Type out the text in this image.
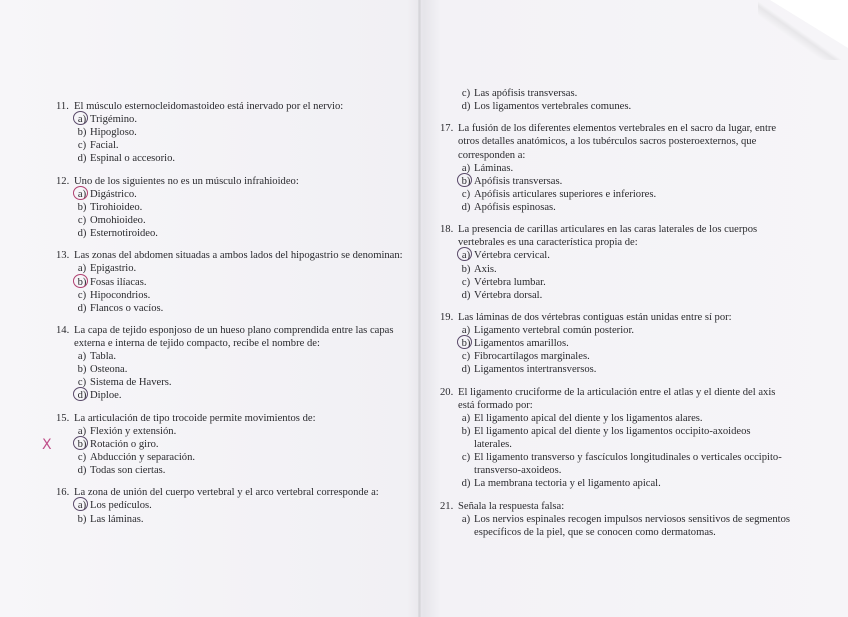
11. El músculo esternocleidomastoideo está inervado por el nervio:
a) Trigémino.
b) Hipogloso.
c) Facial.
d) Espinal o accesorio.
12. Uno de los siguientes no es un músculo infrahioideo:
a) Digástrico.
b) Tirohioideo.
c) Omohioideo.
d) Esternotiroideo.
13. Las zonas del abdomen situadas a ambos lados del hipogastrio se denominan:
a) Epigastrio.
b) Fosas ilíacas.
c) Hipocondrios.
d) Flancos o vacíos.
14. La capa de tejido esponjoso de un hueso plano comprendida entre las capas externa e interna de tejido compacto, recibe el nombre de:
a) Tabla.
b) Osteona.
c) Sistema de Havers.
d) Diploe.
15. La articulación de tipo trocoide permite movimientos de:
a) Flexión y extensión.
X	b) Rotación o giro.
c) Abducción y separación.
d) Todas son ciertas.
16. La zona de unión del cuerpo vertebral y el arco vertebral corresponde a:
a) Los pedículos.
b) Las láminas.
c) Las apófisis transversas.
d) Los ligamentos vertebrales comunes.
17. La fusión de los diferentes elementos vertebrales en el sacro da lugar, entre otros detalles anatómicos, a los tubérculos sacros posteroexternos, que corresponden a:
a) Láminas.
b) Apófisis transversas.
c) Apófisis articulares superiores e inferiores.
d) Apófisis espinosas.
18. La presencia de carillas articulares en las caras laterales de los cuerpos vertebrales es una característica propia de:
a) Vértebra cervical.
b) Axis.
c) Vértebra lumbar.
d) Vértebra dorsal.
19. Las láminas de dos vértebras contiguas están unidas entre sí por:
a) Ligamento vertebral común posterior.
b) Ligamentos amarillos.
c) Fibrocartílagos marginales.
d) Ligamentos intertransversos.
20. El ligamento cruciforme de la articulación entre el atlas y el diente del axis está formado por:
a) El ligamento apical del diente y los ligamentos alares.
b) El ligamento apical del diente y los ligamentos occipito-axoideos laterales.
c) El ligamento transverso y fascículos longitudinales o verticales occipito-transverso-axoideos.
d) La membrana tectoria y el ligamento apical.
21. Señala la respuesta falsa:
a) Los nervios espinales recogen impulsos nerviosos sensitivos de segmentos específicos de la piel, que se conocen como dermatomas.
